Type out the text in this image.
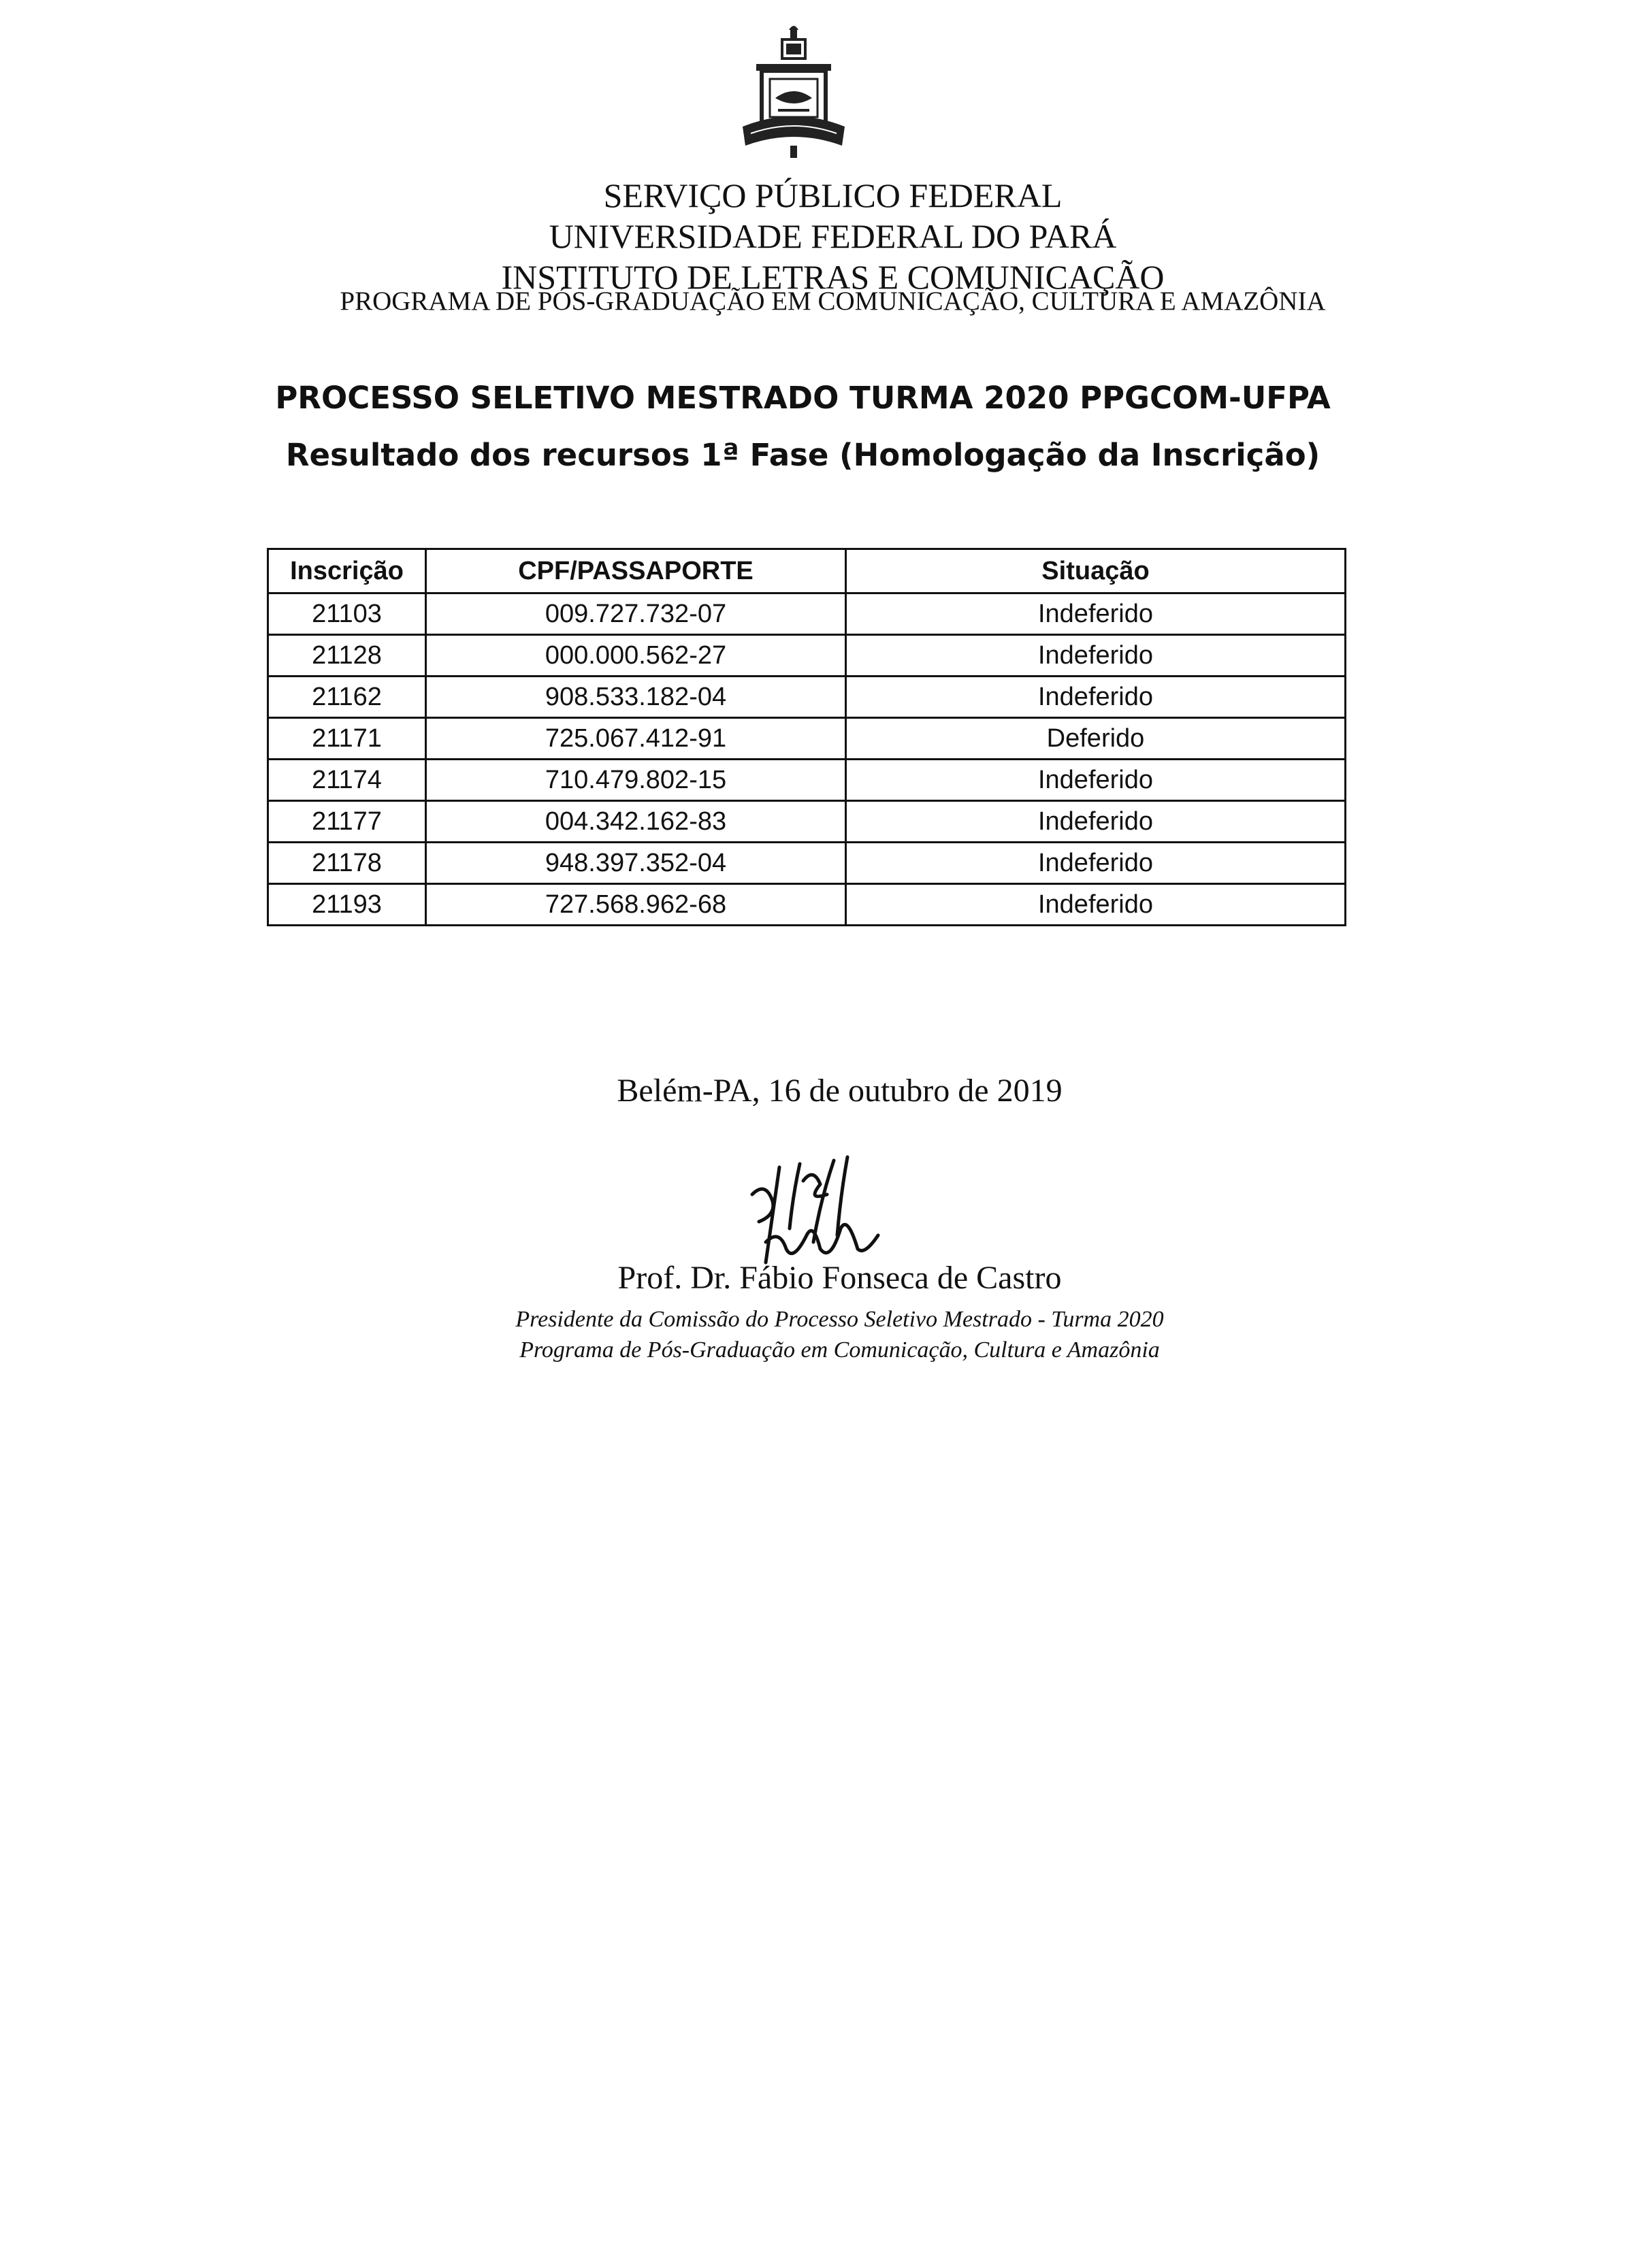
SERVIÇO PÚBLICO FEDERAL
UNIVERSIDADE FEDERAL DO PARÁ
INSTITUTO DE LETRAS E COMUNICAÇÃO
PROGRAMA DE PÓS-GRADUAÇÃO EM COMUNICAÇÃO, CULTURA E AMAZÔNIA
PROCESSO SELETIVO MESTRADO TURMA 2020 PPGCOM-UFPA
Resultado dos recursos 1ª Fase (Homologação da Inscrição)
Inscrição	CPF/PASSAPORTE	Situação
21103	009.727.732-07	Indeferido
21128	000.000.562-27	Indeferido
21162	908.533.182-04	Indeferido
21171	725.067.412-91	Deferido
21174	710.479.802-15	Indeferido
21177	004.342.162-83	Indeferido
21178	948.397.352-04	Indeferido
21193	727.568.962-68	Indeferido
Belém-PA, 16 de outubro de 2019
Prof. Dr. Fábio Fonseca de Castro
Presidente da Comissão do Processo Seletivo Mestrado - Turma 2020
Programa de Pós-Graduação em Comunicação, Cultura e Amazônia
